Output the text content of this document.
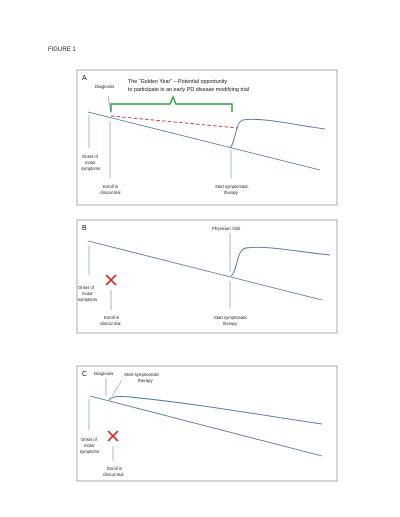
FIGURE 1
A	The “Golden Year” – Potential opportunity
to participate in an early PD disease modifying trial
Diagnosis
Onset of
motor
symptoms
Enroll in
clinical trial
Start symptomatic
therapy
B	Physician Visit
Onset of
motor
symptoms
Enroll in
clinical trial
Start symptomatic
therapy
C Diagnosis Start symptomatic
therapy
Onset of
motor
symptoms
Enroll in
clinical trial
